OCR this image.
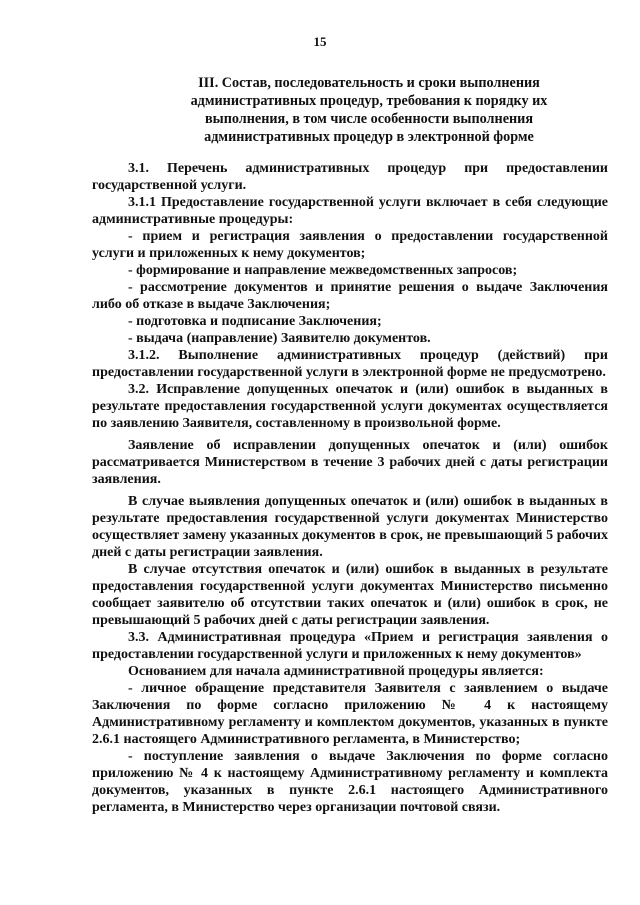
15
III. Состав, последовательность и сроки выполнения административных процедур, требования к порядку их выполнения, в том числе особенности выполнения административных процедур в электронной форме

3.1. Перечень административных процедур при предоставлении государственной услуги.

3.1.1 Предоставление государственной услуги включает в себя следующие административные процедуры:

- прием и регистрация заявления о предоставлении государственной услуги и приложенных к нему документов;

- формирование и направление межведомственных запросов;

- рассмотрение документов и принятие решения о выдаче Заключения либо об отказе в выдаче Заключения;

- подготовка и подписание Заключения;

- выдача (направление) Заявителю документов.

3.1.2. Выполнение административных процедур (действий) при предоставлении государственной услуги в электронной форме не предусмотрено.

3.2. Исправление допущенных опечаток и (или) ошибок в выданных в результате предоставления государственной услуги документах осуществляется по заявлению Заявителя, составленному в произвольной форме.

Заявление об исправлении допущенных опечаток и (или) ошибок рассматривается Министерством в течение 3 рабочих дней с даты регистрации заявления.

В случае выявления допущенных опечаток и (или) ошибок в выданных в результате предоставления государственной услуги документах Министерство осуществляет замену указанных документов в срок, не превышающий 5 рабочих дней с даты регистрации заявления.

В случае отсутствия опечаток и (или) ошибок в выданных в результате предоставления государственной услуги документах Министерство письменно сообщает заявителю об отсутствии таких опечаток и (или) ошибок в срок, не превышающий 5 рабочих дней с даты регистрации заявления.

3.3. Административная процедура «Прием и регистрация заявления о предоставлении государственной услуги и приложенных к нему документов»

Основанием для начала административной процедуры является:

- личное обращение представителя Заявителя с заявлением о выдаче Заключения по форме согласно приложению № 4 к настоящему Административному регламенту и комплектом документов, указанных в пункте 2.6.1 настоящего Административного регламента, в Министерство;

- поступление заявления о выдаче Заключения по форме согласно приложению № 4 к настоящему Административному регламенту и комплекта документов, указанных в пункте 2.6.1 настоящего Административного регламента, в Министерство через организации почтовой связи.
